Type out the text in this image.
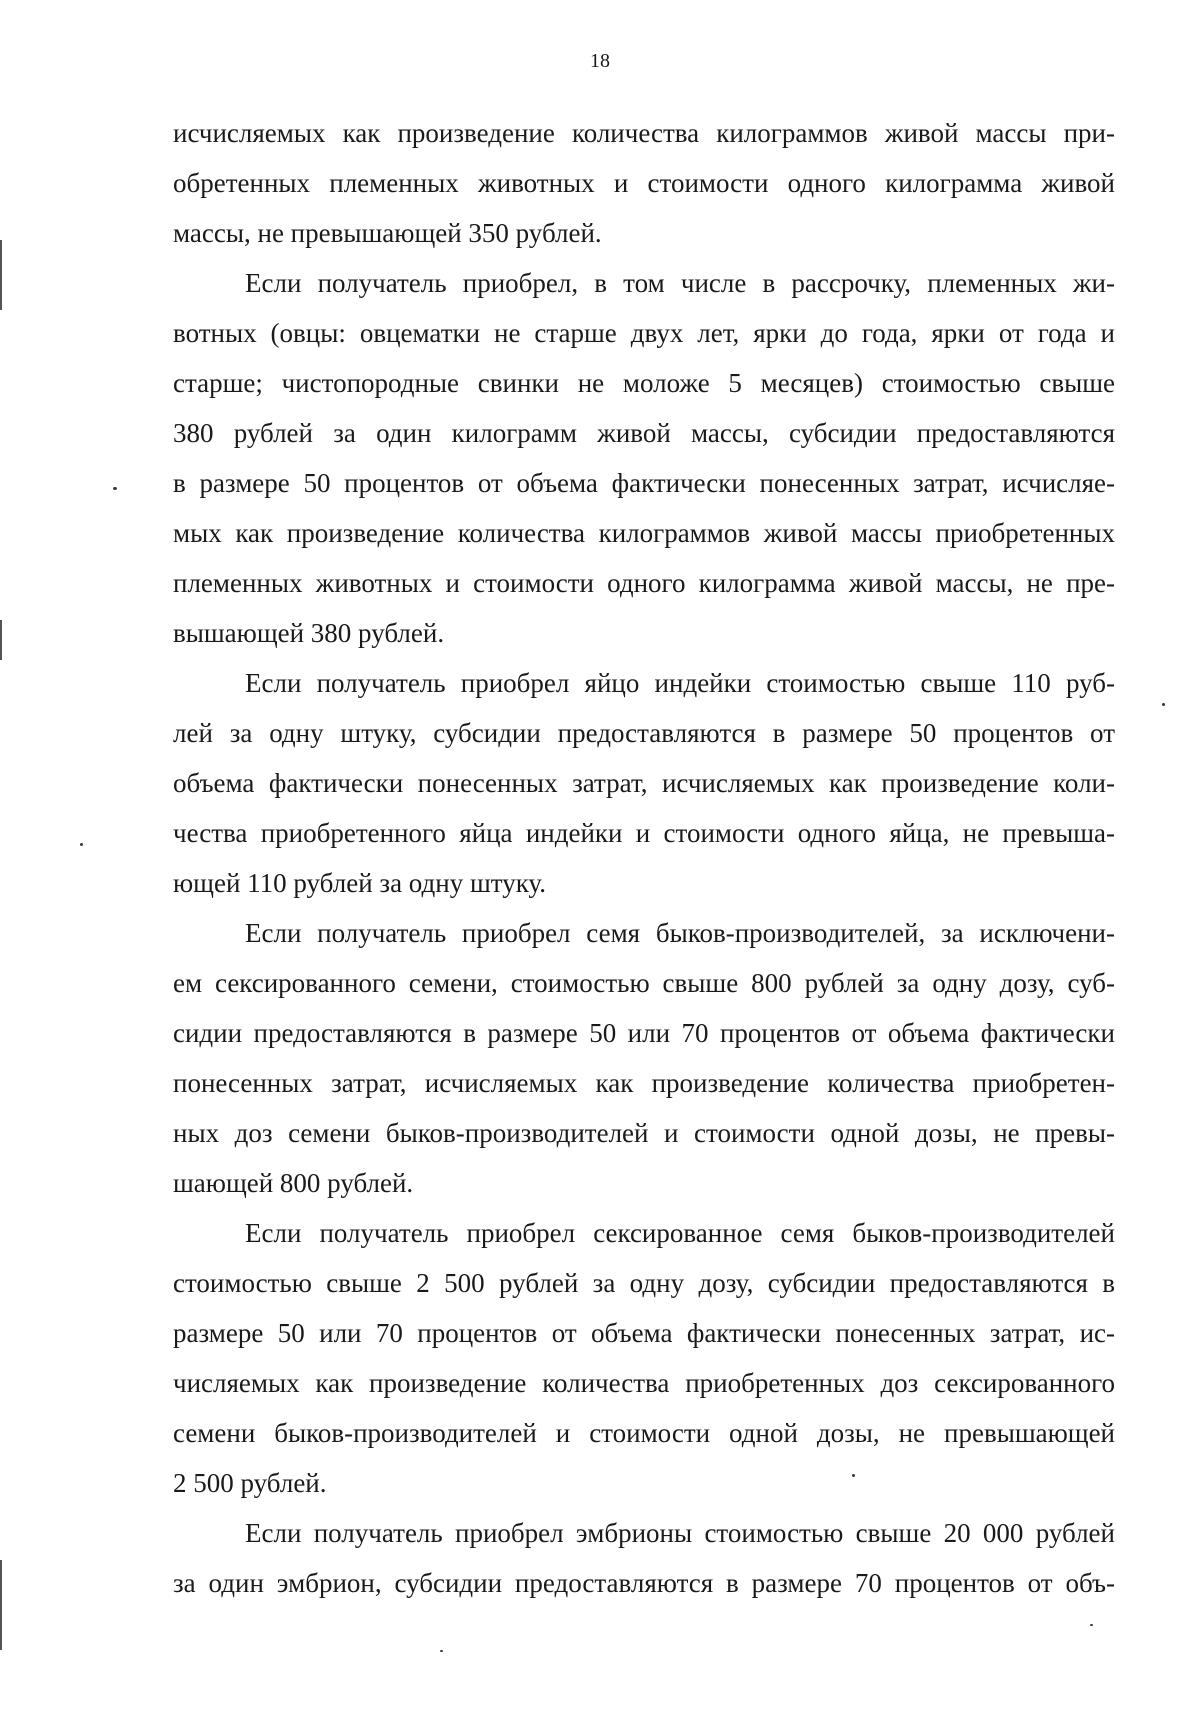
18

исчисляемых как произведение количества килограммов живой массы при-
обретенных племенных животных и стоимости одного килограмма живой
массы, не превышающей 350 рублей.

Если получатель приобрел, в том числе в рассрочку, племенных жи-
вотных (овцы: овцематки не старше двух лет, ярки до года, ярки от года и
старше; чистопородные свинки не моложе 5 месяцев) стоимостью свыше
380 рублей за один килограмм живой массы, субсидии предоставляются
в размере 50 процентов от объема фактически понесенных затрат, исчисляе-
мых как произведение количества килограммов живой массы приобретенных
племенных животных и стоимости одного килограмма живой массы, не пре-
вышающей 380 рублей.

Если получатель приобрел яйцо индейки стоимостью свыше 110 руб-
лей за одну штуку, субсидии предоставляются в размере 50 процентов от
объема фактически понесенных затрат, исчисляемых как произведение коли-
чества приобретенного яйца индейки и стоимости одного яйца, не превыша-
ющей 110 рублей за одну штуку.

Если получатель приобрел семя быков-производителей, за исключени-
ем сексированного семени, стоимостью свыше 800 рублей за одну дозу, суб-
сидии предоставляются в размере 50 или 70 процентов от объема фактически
понесенных затрат, исчисляемых как произведение количества приобретен-
ных доз семени быков-производителей и стоимости одной дозы, не превы-
шающей 800 рублей.

Если получатель приобрел сексированное семя быков-производителей
стоимостью свыше 2 500 рублей за одну дозу, субсидии предоставляются в
размере 50 или 70 процентов от объема фактически понесенных затрат, ис-
числяемых как произведение количества приобретенных доз сексированного
семени быков-производителей и стоимости одной дозы, не превышающей
2 500 рублей.

Если получатель приобрел эмбрионы стоимостью свыше 20 000 рублей
за один эмбрион, субсидии предоставляются в размере 70 процентов от объ-
